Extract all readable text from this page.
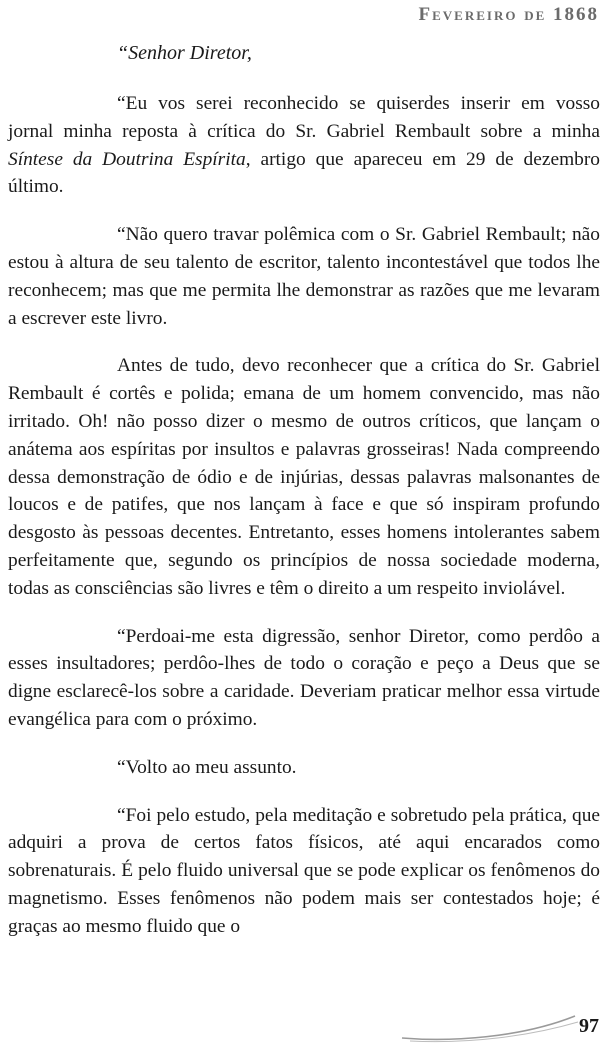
Fevereiro de 1868
“Senhor Diretor,

“Eu vos serei reconhecido se quiserdes inserir em vosso jornal minha reposta à crítica do Sr. Gabriel Rembault sobre a minha Síntese da Doutrina Espírita, artigo que apareceu em 29 de dezembro último.

“Não quero travar polêmica com o Sr. Gabriel Rembault; não estou à altura de seu talento de escritor, talento incontestável que todos lhe reconhecem; mas que me permita lhe demonstrar as razões que me levaram a escrever este livro.

Antes de tudo, devo reconhecer que a crítica do Sr. Gabriel Rembault é cortês e polida; emana de um homem convencido, mas não irritado. Oh! não posso dizer o mesmo de outros críticos, que lançam o anátema aos espíritas por insultos e palavras grosseiras! Nada compreendo dessa demonstração de ódio e de injúrias, dessas palavras malsonantes de loucos e de patifes, que nos lançam à face e que só inspiram profundo desgosto às pessoas decentes. Entretanto, esses homens intolerantes sabem perfeitamente que, segundo os princípios de nossa sociedade moderna, todas as consciências são livres e têm o direito a um respeito inviolável.

“Perdoai-me esta digressão, senhor Diretor, como perdôo a esses insultadores; perdôo-lhes de todo o coração e peço a Deus que se digne esclarecê-los sobre a caridade. Deveriam praticar melhor essa virtude evangélica para com o próximo.

“Volto ao meu assunto.

“Foi pelo estudo, pela meditação e sobretudo pela prática, que adquiri a prova de certos fatos físicos, até aqui encarados como sobrenaturais. É pelo fluido universal que se pode explicar os fenômenos do magnetismo. Esses fenômenos não podem mais ser contestados hoje; é graças ao mesmo fluido que o

97
